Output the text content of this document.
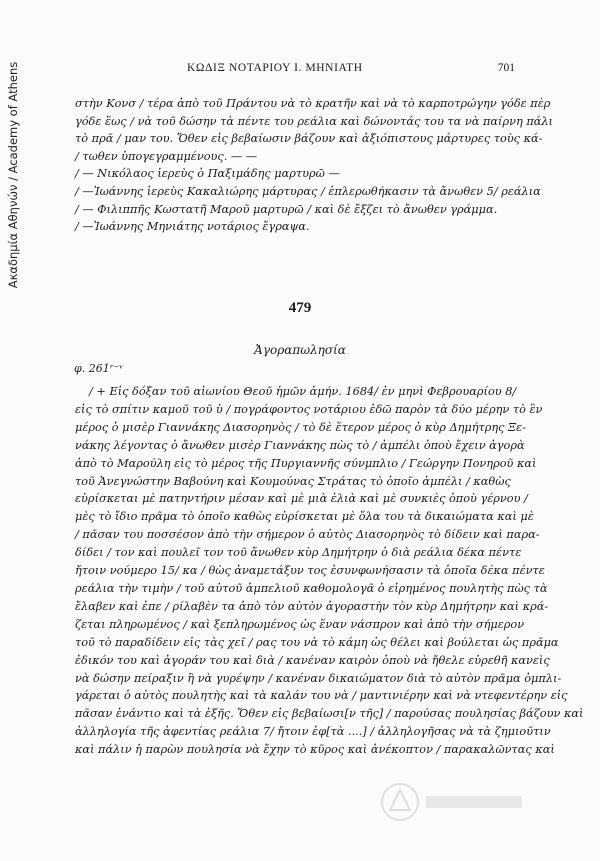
Ακαδημία Αθηνών / Academy of Athens	ΚΩΔΙΞ ΝΟΤΑΡΙΟΥ Ι. ΜΗΝΙΑΤΗ	701
στὴν Κονσ / τέρα ἀπὸ τοῦ Πράντου νὰ τὸ κρατῆν καὶ νὰ τὸ καρποτρώγην γόδε πὲρ
γόδε ἕως / νὰ τοῦ δώσην τὰ πέντε του ρεάλια καὶ δώνοντάς του τα νὰ παίρνη πάλι
τὸ πρᾶ / μαν του. Ὅθεν εἰς βεβαίωσιν βάζουν καὶ ἀξιόπιστους μάρτυρες τοὺς κά-
/ τωθεν ὑπογεγραμμένους. — —
/ — Νικόλαος ἱερεὺς ὁ Παξιμάδης μαρτυρῶ —
/ —Ἰωάννης ἱερεὺς Κακαλιώρης μάρτυρας / ἐπλερωθήκασιν τὰ ἄνωθεν 5/ ρεάλια
/ — Φιλιππῆς Κωστατῆ Μαρoῦ μαρτυρῶ / καὶ δὲ ἔξζει τὸ ἄνωθεν γράμμα.
/ —Ἰωάννης Μηνιάτης νοτάριος ἔγραψα.
479
Ἀγοραπωλησία
φ. 261ʳ⁻ᵛ
/ + Εἰς δόξαν τοῦ αἰωνίου Θεοῦ ἡμῶν ἀμήν. 1684/ ἐν μηνὶ Φεβρουαρίου 8/
εἰς τὸ σπίτιν καμοῦ τοῦ ὑ / πογράφοντος νοτάριου ἐδῶ παρὸν τὰ δύο μέρην τὸ ἓν
μέρος ὁ μισὲρ Γιαννάκης Διασορηνὸς / τὸ δὲ ἕτερον μέρος ὁ κὺρ Δημήτρης Ξε-
νάκης λέγοντας ὁ ἄνωθεν μισὲρ Γιαννάκης πὼς τὸ / ἀμπέλι ὁποὺ ἔχειν ἀγορὰ
ἀπὸ τὸ Μαρούλη εἰς τὸ μέρος τῆς Πυργιαννῆς σύνμπλιο / Γεώργην Πονηροῦ καὶ
τοῦ Ἀνεγνώστην Βαβούνη καὶ Κουμούνας Στράτας τὸ ὁποῖο ἀμπέλι / καθὼς
εὑρίσκεται μὲ πατηντήριν μέσαν καὶ μὲ μιὰ ἐλιὰ καὶ μὲ συνκιὲς ὁποὺ γέρνου /
μὲς τὸ ἴδιο πρᾶμα τὸ ὁποῖο καθὼς εὑρίσκεται μὲ ὅλα του τὰ δικαιώματα καὶ μὲ
/ πᾶσαν του ποσσέσον ἀπὸ τὴν σήμερον ὁ αὐτὸς Διασορηνὸς τὸ δίδειν καὶ παρα-
δίδει / τον καὶ πουλεῖ τον τοῦ ἄνωθεν κὺρ Δημήτρην ὁ διὰ ρεάλια δέκα πέντε
ἤτοιν νούμερο 15/ κα / θὼς ἀναμετάξυν τος ἐσυνφωνήσασιν τὰ ὁποῖα δέκα πέντε
ρεάλια τὴν τιμὴν / τοῦ αὐτοῦ ἀμπελιοῦ καθομολογᾶ ὁ εἰρημένος πουλητὴς πὼς τὰ
ἔλαβεν καὶ ἐπε / ρίλαβὲν τα ἀπὸ τὸν αὐτὸν ἀγοραστὴν τὸν κὺρ Δημήτρην καὶ κρά-
ζεται πληρωμένος / καὶ ξεπληρωμένος ὡς ἕναν νάσπρον καὶ ἀπὸ τὴν σήμερον
τοῦ τὸ παραδίδειν εἰς τὰς χεῖ / ρας του νὰ τὸ κάμη ὡς θέλει καὶ βούλεται ὡς πρᾶμα
ἐδικόν του καὶ ἀγοράν του καὶ διὰ / κανέναν καιρὸν ὁποὺ νὰ ἤθελε εὑρεθῆ κανεὶς
νὰ δώσην πείραξιν ἢ νὰ γυρέψην / κανέναν δικαιώματον διὰ τὸ αὐτὸν πρᾶμα ὀμπλι-
γάρεται ὁ αὐτὸς πουλητὴς καὶ τὰ καλάν του νὰ / μαντινιέρην καὶ νὰ ντεφεντέρην εἰς
πᾶσαν ἐνάντιο καὶ τὰ ἐξῆς. Ὅθεν εἰς βεβαίωσι[ν τῆς] / παρούσας πουλησίας βάζουν καὶ
ἀλληλογία τῆς ἀφεντίας ρεάλια 7/ ἤτοιν ἐφ[τὰ ....] / ἀλληλογῆσας νὰ τὰ ζημιοῦτιν
καὶ πάλιν ἡ παρὼν πουλησία νὰ ἔχην τὸ κῦρος καὶ ἀνέκοπτον / παρακαλῶντας καὶ
